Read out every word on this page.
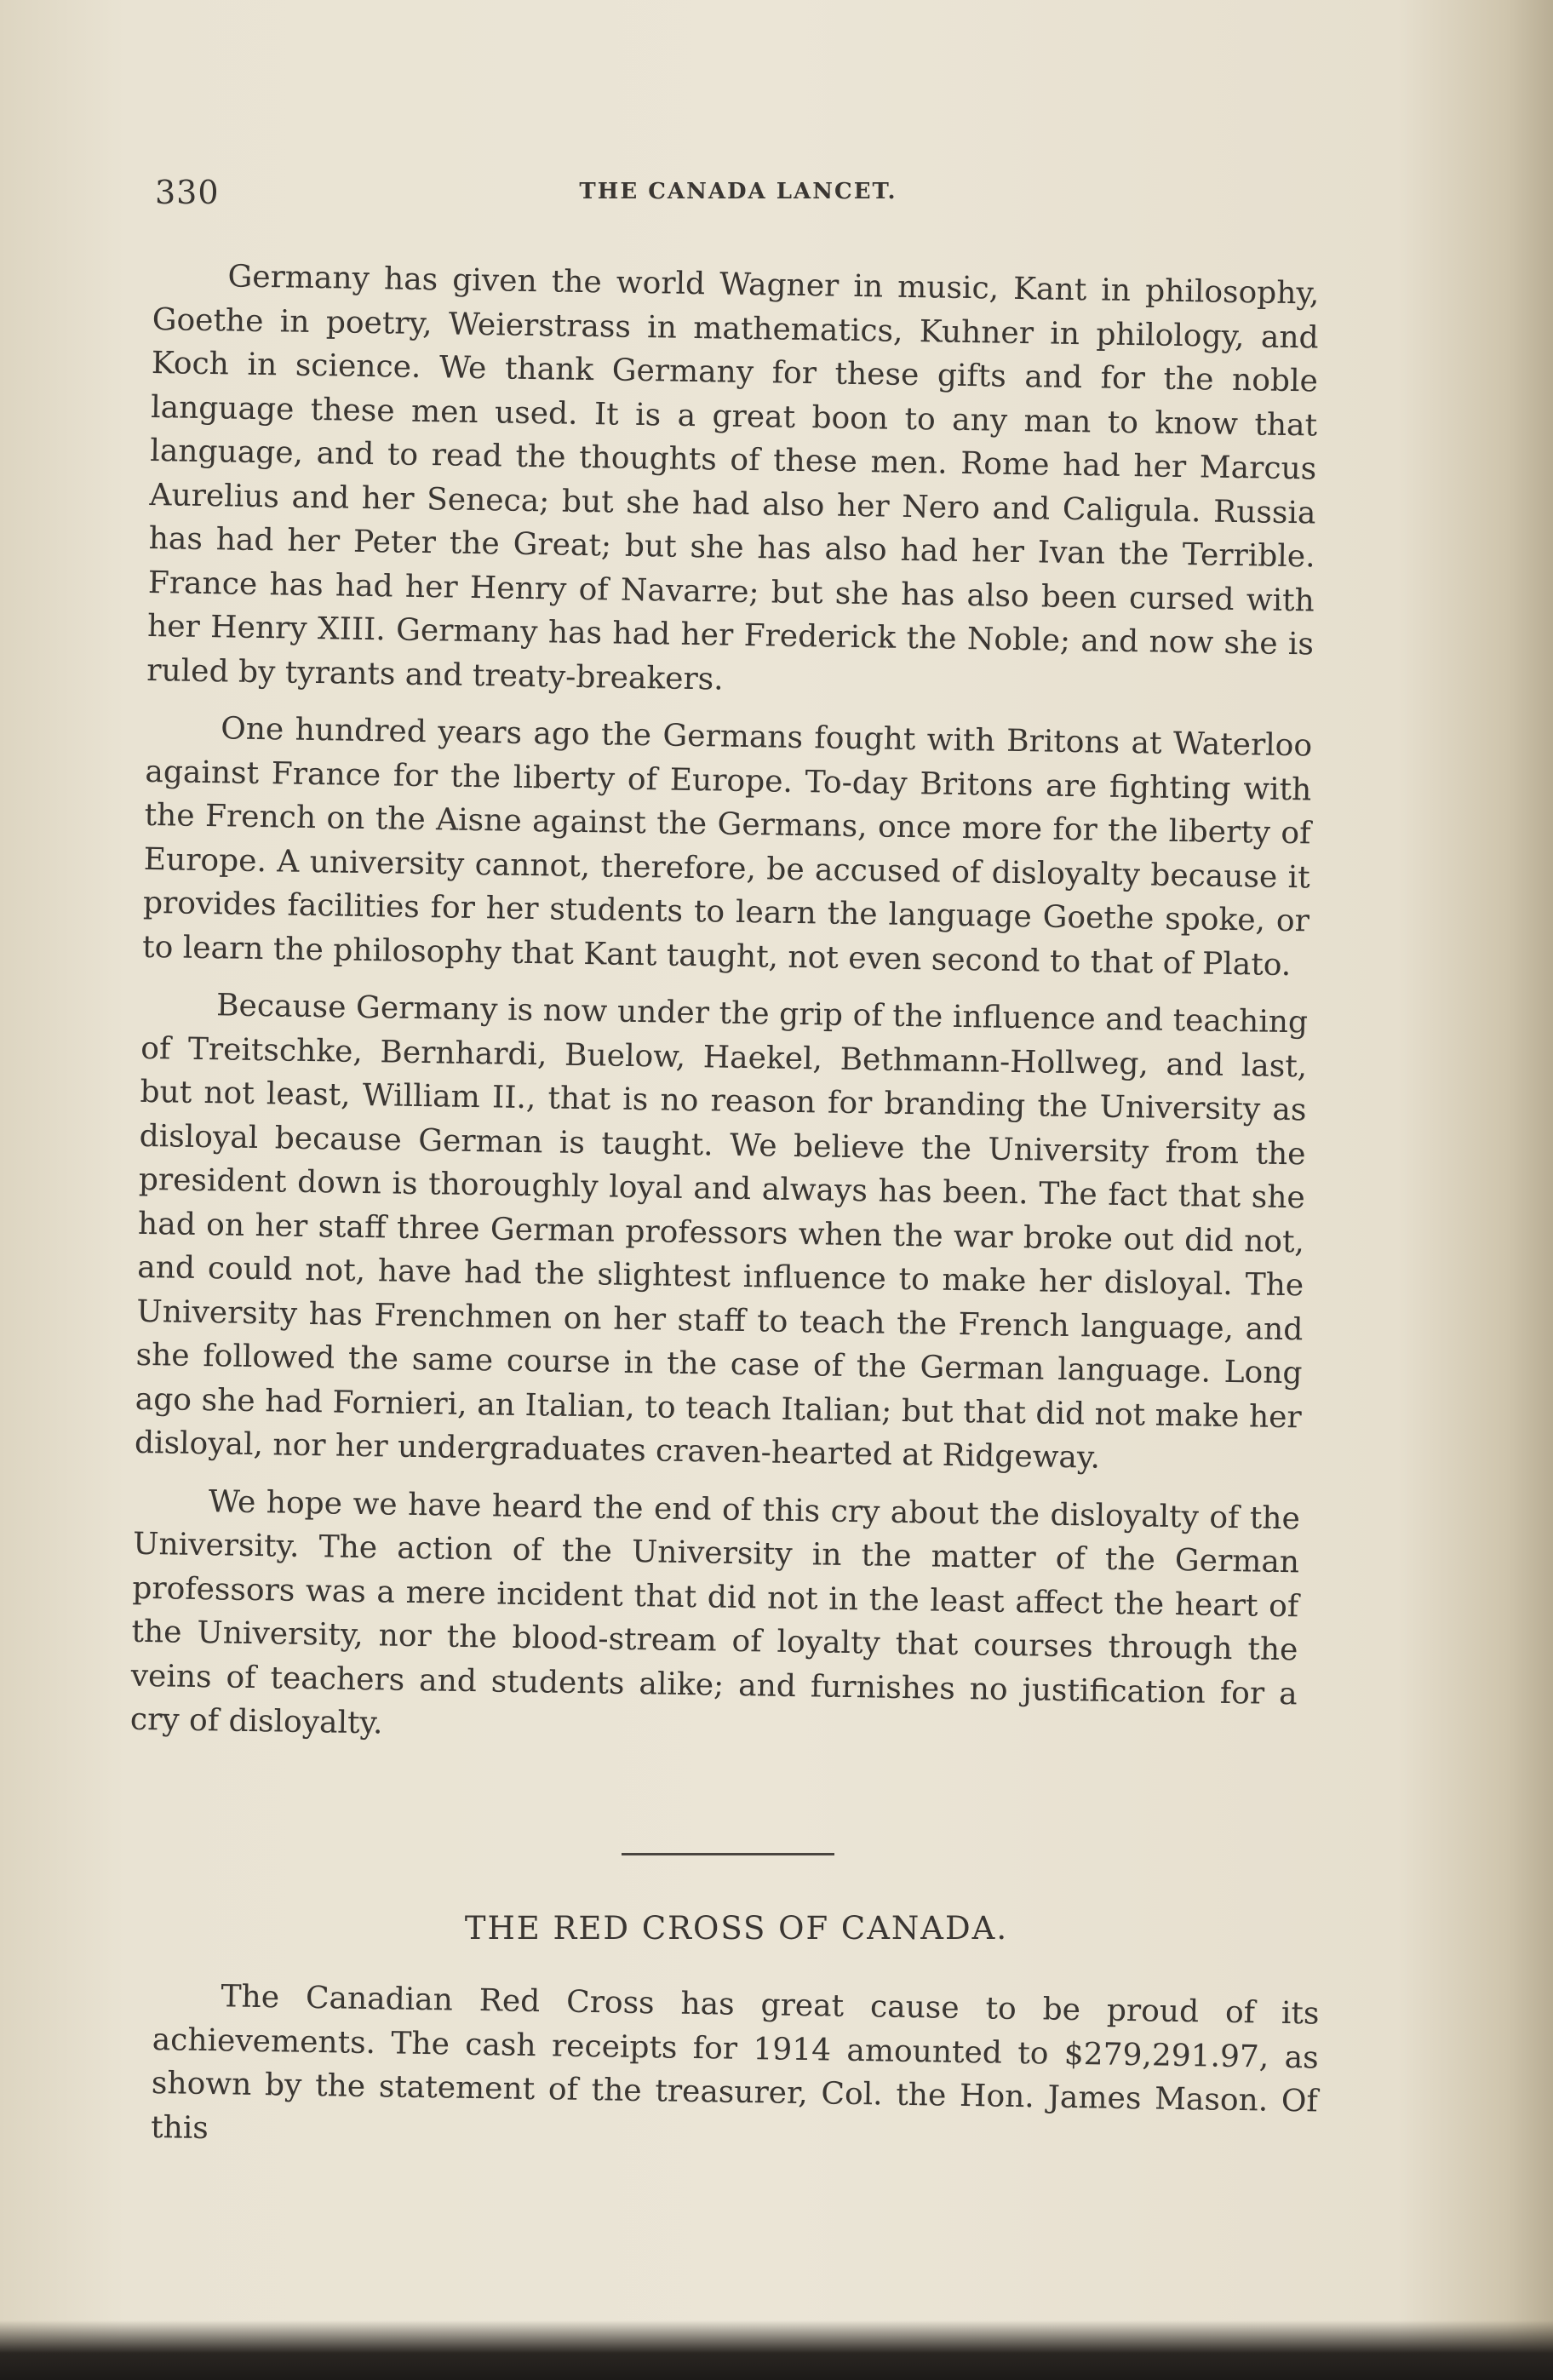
330	THE CANADA LANCET.

Germany has given the world Wagner in music, Kant in philosophy, Goethe in poetry, Weierstrass in mathematics, Kuhner in philology, and Koch in science. We thank Germany for these gifts and for the noble language these men used. It is a great boon to any man to know that language, and to read the thoughts of these men. Rome had her Marcus Aurelius and her Seneca; but she had also her Nero and Caligula. Russia has had her Peter the Great; but she has also had her Ivan the Terrible. France has had her Henry of Navarre; but she has also been cursed with her Henry XIII. Germany has had her Frederick the Noble; and now she is ruled by tyrants and treaty-breakers.

One hundred years ago the Germans fought with Britons at Waterloo against France for the liberty of Europe. To-day Britons are fighting with the French on the Aisne against the Germans, once more for the liberty of Europe. A university cannot, therefore, be accused of disloyalty because it provides facilities for her students to learn the language Goethe spoke, or to learn the philosophy that Kant taught, not even second to that of Plato.

Because Germany is now under the grip of the influence and teaching of Treitschke, Bernhardi, Buelow, Haekel, Bethmann-Hollweg, and last, but not least, William II., that is no reason for branding the University as disloyal because German is taught. We believe the University from the president down is thoroughly loyal and always has been. The fact that she had on her staff three German professors when the war broke out did not, and could not, have had the slightest influence to make her disloyal. The University has Frenchmen on her staff to teach the French language, and she followed the same course in the case of the German language. Long ago she had Fornieri, an Italian, to teach Italian; but that did not make her disloyal, nor her undergraduates craven-hearted at Ridgeway.

We hope we have heard the end of this cry about the disloyalty of the University. The action of the University in the matter of the German professors was a mere incident that did not in the least affect the heart of the University, nor the blood-stream of loyalty that courses through the veins of teachers and students alike; and furnishes no justification for a cry of disloyalty.

THE RED CROSS OF CANADA.

The Canadian Red Cross has great cause to be proud of its achievements. The cash receipts for 1914 amounted to $279,291.97, as shown by the statement of the treasurer, Col. the Hon. James Mason. Of this
